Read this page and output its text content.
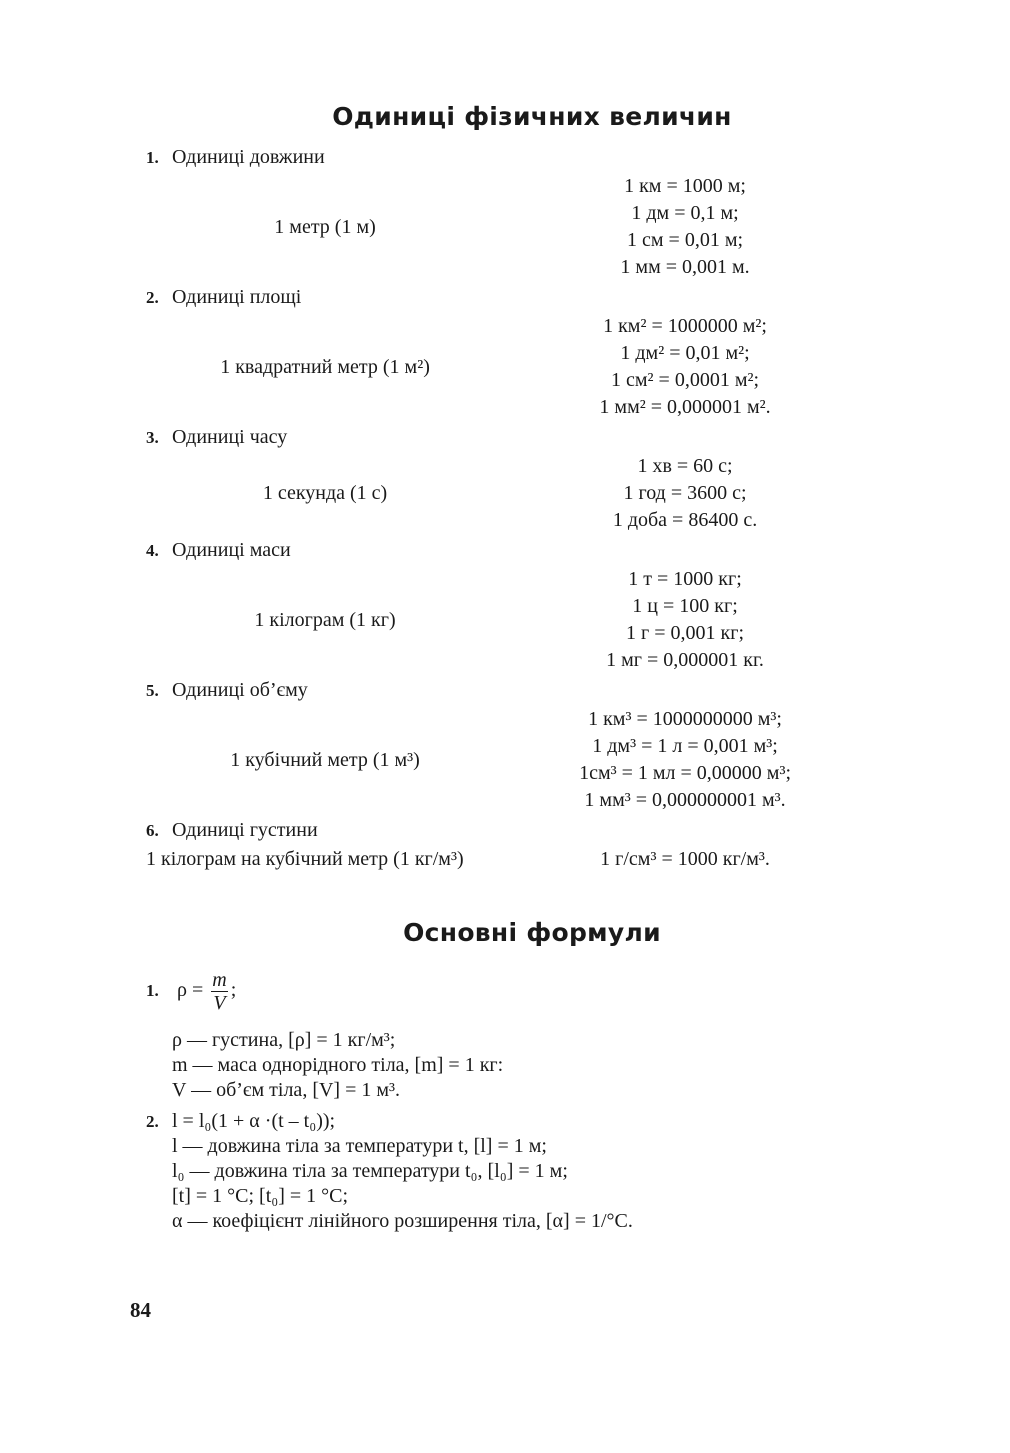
Одиниці фізичних величин
1. Одиниці довжини
1 метр (1 м)
1 км = 1000 м;
1 дм = 0,1 м;
1 см = 0,01 м;
1 мм = 0,001 м.
2. Одиниці площі
1 квадратний метр (1 м²)
1 км² = 1000000 м²;
1 дм² = 0,01 м²;
1 см² = 0,0001 м²;
1 мм² = 0,000001 м².
3. Одиниці часу
1 секунда (1 с)
1 хв = 60 с;
1 год = 3600 с;
1 доба = 86400 с.
4. Одиниці маси
1 кілограм (1 кг)
1 т = 1000 кг;
1 ц = 100 кг;
1 г = 0,001 кг;
1 мг = 0,000001 кг.
5. Одиниці об’єму
1 кубічний метр (1 м³)
1 км³ = 1000000000 м³;
1 дм³ = 1 л = 0,001 м³;
1см³ = 1 мл = 0,00000 м³;
1 мм³ = 0,000000001 м³.
6. Одиниці густини
1 кілограм на кубічний метр (1 кг/м³)	1 г/см³ = 1000 кг/м³.
Основні формули
1. $\rho = \frac{m}{V}$ ;
ρ — густина, [ρ] = 1 кг/м³;
m — маса однорідного тіла, [m] = 1 кг:
V — об’єм тіла, [V] = 1 м³.
2. l = l₀(1 + α ·(t – t₀));
l — довжина тіла за температури t, [l] = 1 м;
l₀ — довжина тіла за температури t₀, [l₀] = 1 м;
[t] = 1 °C; [t₀] = 1 °C;
α — коефіцієнт лінійного розширення тіла, [α] = 1/°C.
84
